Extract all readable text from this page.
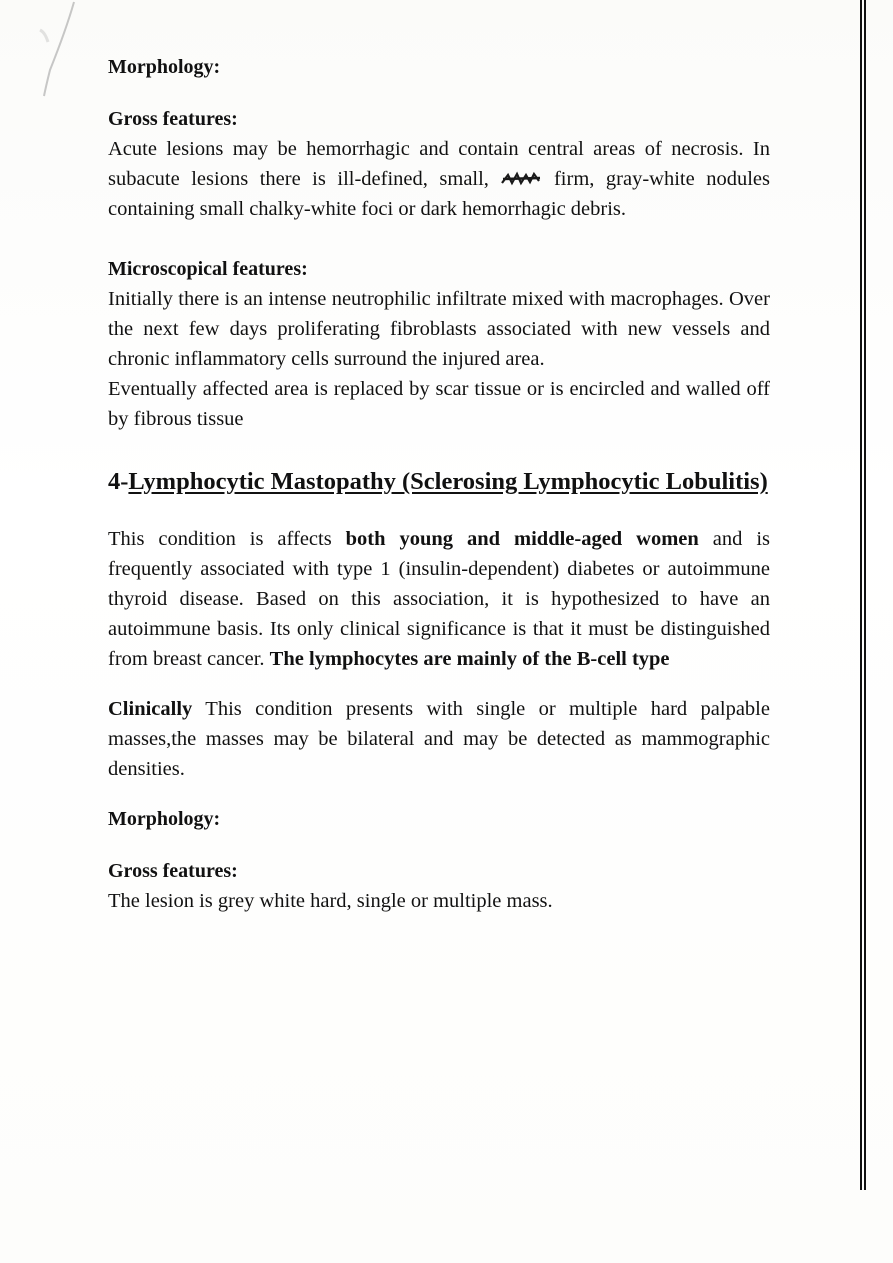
Morphology:
Gross features:

Acute lesions may be hemorrhagic and contain central areas of necrosis. In subacute lesions there is ill-defined, small,	firm, gray-white nodules containing small chalky-white foci or dark hemorrhagic debris.

Microscopical features:

Initially there is an intense neutrophilic infiltrate mixed with macrophages. Over the next few days proliferating fibroblasts associated with new vessels and chronic inflammatory cells surround the injured area.

Eventually affected area is replaced by scar tissue or is encircled and walled off by fibrous tissue

4-Lymphocytic Mastopathy (Sclerosing Lymphocytic Lobulitis)

This condition is affects both young and middle-aged women and is frequently associated with type 1 (insulin-dependent) diabetes or autoimmune thyroid disease. Based on this association, it is hypothesized to have an autoimmune basis. Its only clinical significance is that it must be distinguished from breast cancer. The lymphocytes are mainly of the B-cell type

Clinically This condition presents with single or multiple hard palpable masses,the masses may be bilateral and may be detected as mammographic densities.

Morphology:
Gross features:

The lesion is grey white hard, single or multiple mass.
